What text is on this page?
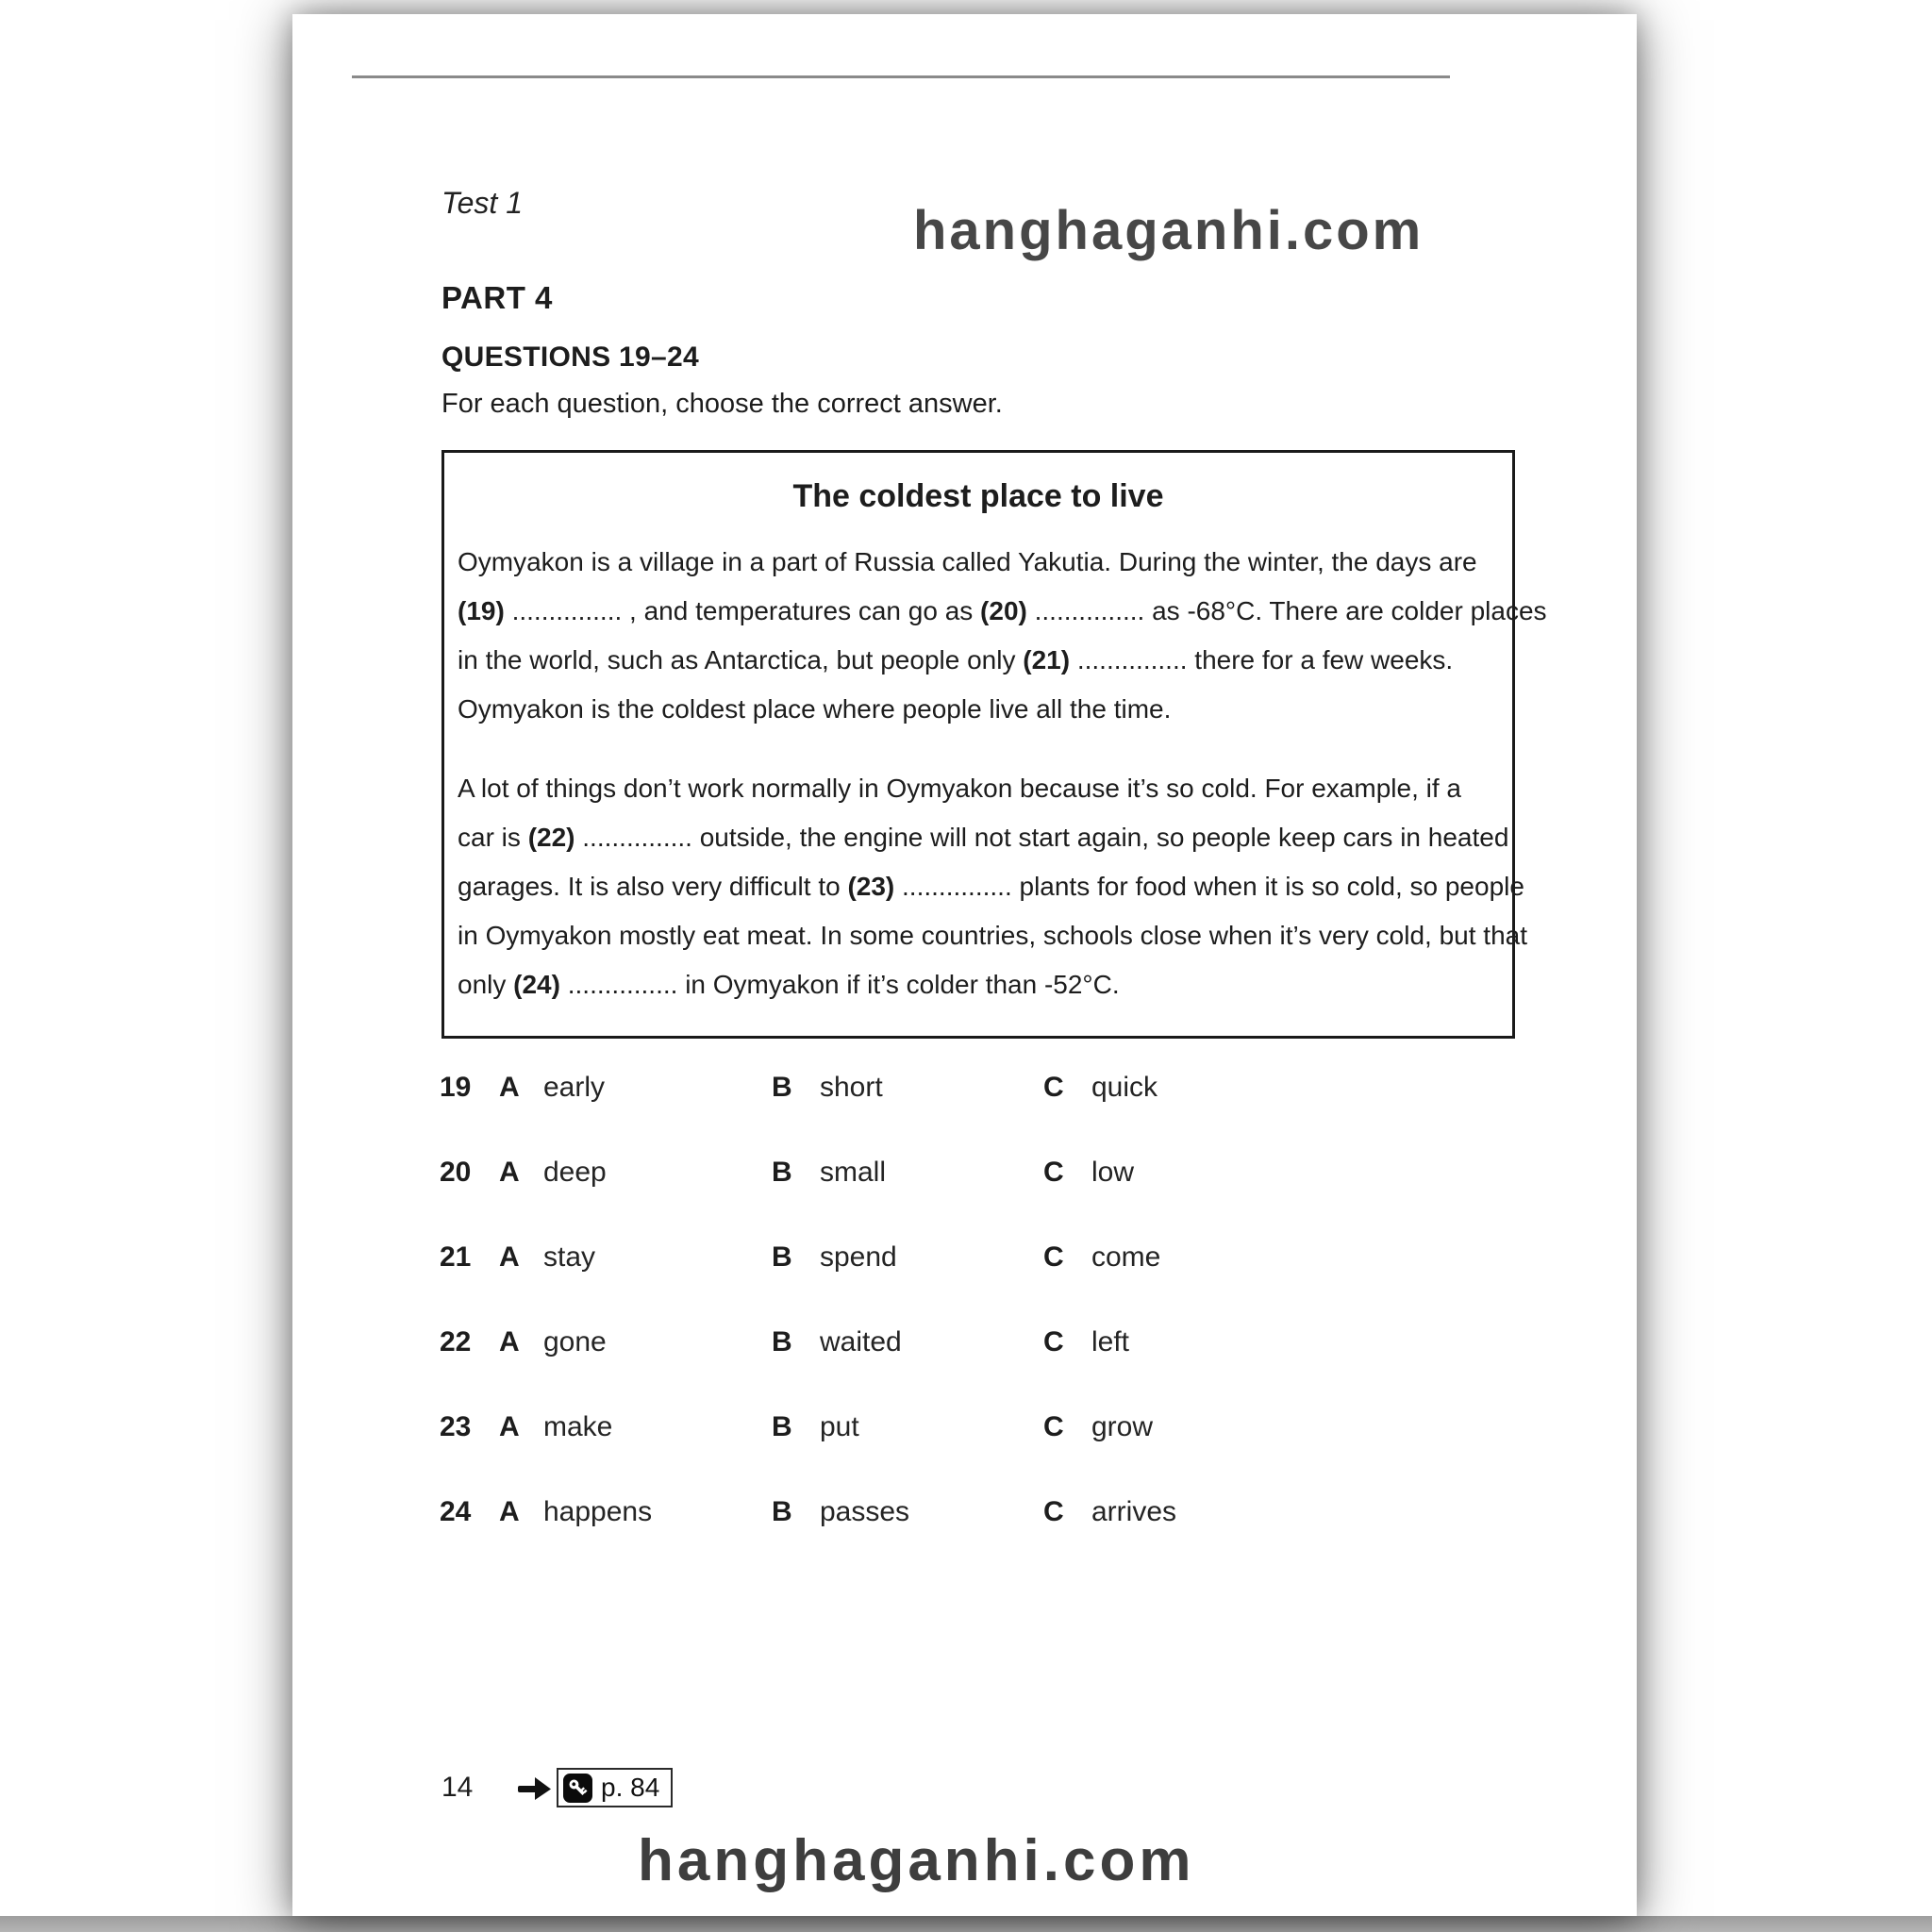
Test 1	hanghaganhi.com
PART 4
QUESTIONS 19–24
For each question, choose the correct answer.
The coldest place to live
Oymyakon is a village in a part of Russia called Yakutia. During the winter, the days are
(19) ............... , and temperatures can go as (20) ............... as -68°C. There are colder places
in the world, such as Antarctica, but people only (21) ............... there for a few weeks.
Oymyakon is the coldest place where people live all the time.
A lot of things don’t work normally in Oymyakon because it’s so cold. For example, if a
car is (22) ............... outside, the engine will not start again, so people keep cars in heated
garages. It is also very difficult to (23) ............... plants for food when it is so cold, so people
in Oymyakon mostly eat meat. In some countries, schools close when it’s very cold, but that
only (24) ............... in Oymyakon if it’s colder than -52°C.
19 A early	B short	C quick
20 A deep	B small	C low
21 A stay	B spend	C come
22 A gone	B waited	C left
23 A make	B put	C grow
24 A happens	B passes	C arrives
14	p. 84
hanghaganhi.com
